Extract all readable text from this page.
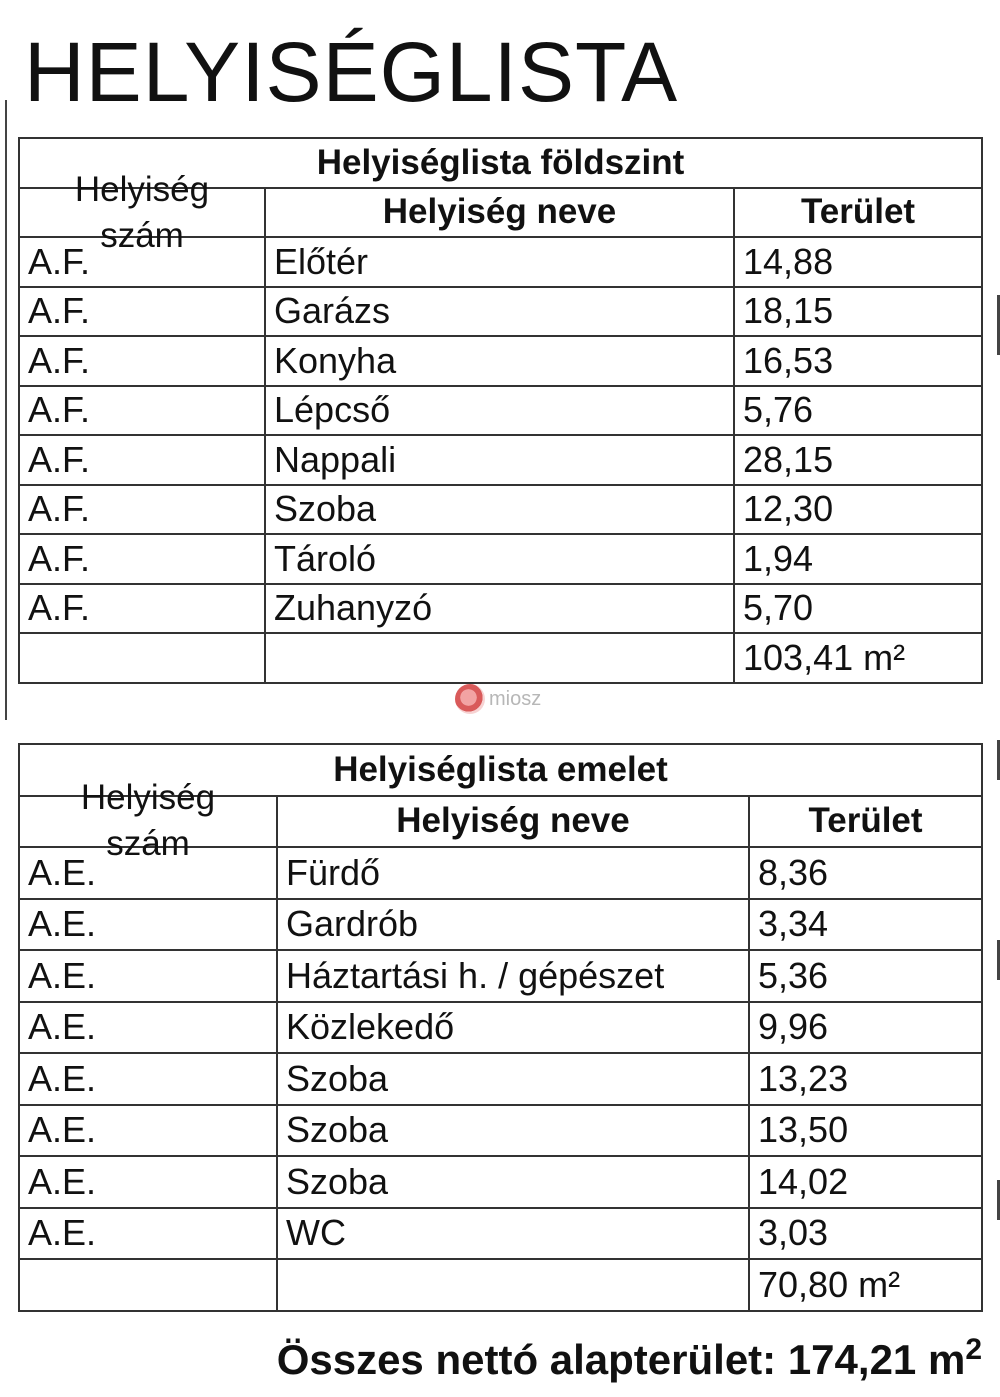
HELYISÉGLISTA
Helyiséglista földszint		

Helyiség szám	Helyiség neve	Terület
A.F.	Előtér	14,88
A.F.	Garázs	18,15
A.F.	Konyha	16,53
A.F.	Lépcső	5,76
A.F.	Nappali	28,15
A.F.	Szoba	12,30
A.F.	Tároló	1,94
A.F.	Zuhanyzó	5,70
		103,41 m²
miosz
Helyiséglista emelet		

Helyiség szám	Helyiség neve	Terület
A.E.	Fürdő	8,36
A.E.	Gardrób	3,34
A.E.	Háztartási h. / gépészet	5,36
A.E.	Közlekedő	9,96
A.E.	Szoba	13,23
A.E.	Szoba	13,50
A.E.	Szoba	14,02
A.E.	WC	3,03
		70,80 m²
Összes nettó alapterület: 174,21 $m^2$
